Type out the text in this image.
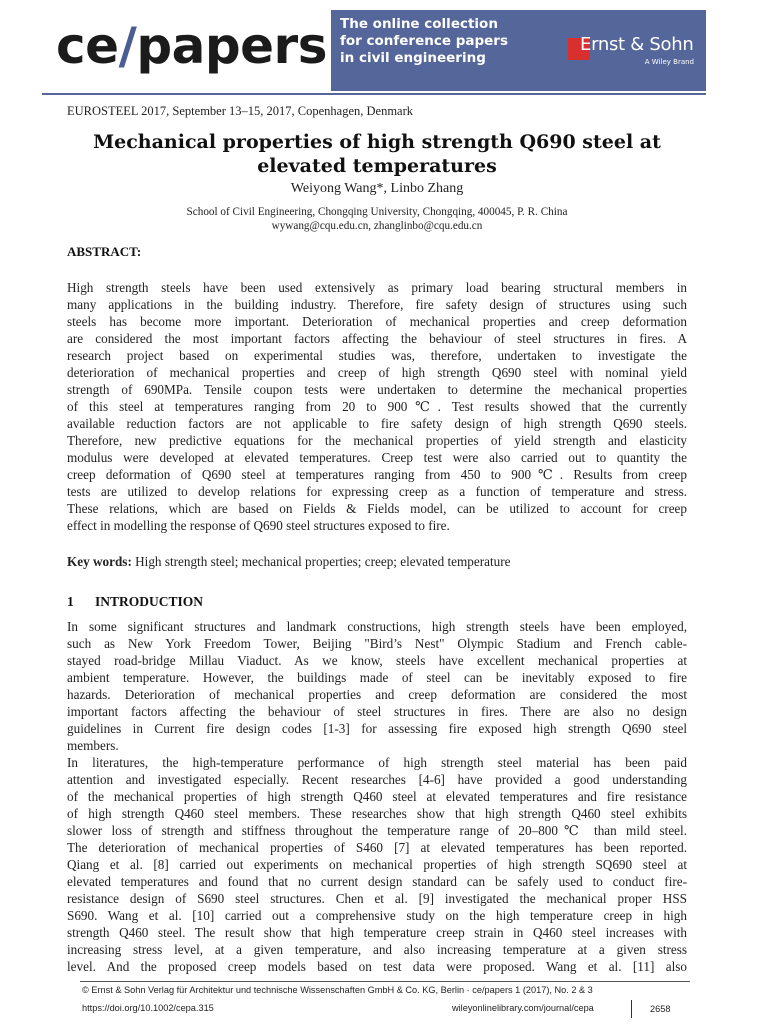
ce/papers The online collection
for conference papers
in civil engineering
Ernst & Sohn
A Wiley Brand
EUROSTEEL 2017, September 13–15, 2017, Copenhagen, Denmark
Mechanical properties of high strength Q690 steel at elevated temperatures
Weiyong Wang*, Linbo Zhang
School of Civil Engineering, Chongqing University, Chongqing, 400045, P. R. China
wywang@cqu.edu.cn, zhanglinbo@cqu.edu.cn
ABSTRACT:
High strength steels have been used extensively as primary load bearing structural members in
many applications in the building industry. Therefore, fire safety design of structures using such
steels has become more important. Deterioration of mechanical properties and creep deformation
are considered the most important factors affecting the behaviour of steel structures in fires. A
research project based on experimental studies was, therefore, undertaken to investigate the
deterioration of mechanical properties and creep of high strength Q690 steel with nominal yield
strength of 690MPa. Tensile coupon tests were undertaken to determine the mechanical properties
of this steel at temperatures ranging from 20 to 900℃. Test results showed that the currently
available reduction factors are not applicable to fire safety design of high strength Q690 steels.
Therefore, new predictive equations for the mechanical properties of yield strength and elasticity
modulus were developed at elevated temperatures. Creep test were also carried out to quantity the
creep deformation of Q690 steel at temperatures ranging from 450 to 900℃. Results from creep
tests are utilized to develop relations for expressing creep as a function of temperature and stress.
These relations, which are based on Fields & Fields model, can be utilized to account for creep
effect in modelling the response of Q690 steel structures exposed to fire.
Key words: High strength steel; mechanical properties; creep; elevated temperature
1 INTRODUCTION
In some significant structures and landmark constructions, high strength steels have been employed,
such as New York Freedom Tower, Beijing "Bird’s Nest" Olympic Stadium and French cable-
stayed road-bridge Millau Viaduct. As we know, steels have excellent mechanical properties at
ambient temperature. However, the buildings made of steel can be inevitably exposed to fire
hazards. Deterioration of mechanical properties and creep deformation are considered the most
important factors affecting the behaviour of steel structures in fires. There are also no design
guidelines in Current fire design codes [1-3] for assessing fire exposed high strength Q690 steel
members.
In literatures, the high-temperature performance of high strength steel material has been paid
attention and investigated especially. Recent researches [4-6] have provided a good understanding
of the mechanical properties of high strength Q460 steel at elevated temperatures and fire resistance
of high strength Q460 steel members. These researches show that high strength Q460 steel exhibits
slower loss of strength and stiffness throughout the temperature range of 20–800℃ than mild steel.
The deterioration of mechanical properties of S460 [7] at elevated temperatures has been reported.
Qiang et al. [8] carried out experiments on mechanical properties of high strength SQ690 steel at
elevated temperatures and found that no current design standard can be safely used to conduct fire-
resistance design of S690 steel structures. Chen et al. [9] investigated the mechanical proper HSS
S690. Wang et al. [10] carried out a comprehensive study on the high temperature creep in high
strength Q460 steel. The result show that high temperature creep strain in Q460 steel increases with
increasing stress level, at a given temperature, and also increasing temperature at a given stress
level. And the proposed creep models based on test data were proposed. Wang et al. [11] also
© Ernst & Sohn Verlag für Architektur und technische Wissenschaften GmbH & Co. KG, Berlin · ce/papers 1 (2017), No. 2 & 3
https://doi.org/10.1002/cepa.315	wileyonlinelibrary.com/journal/cepa	2658
